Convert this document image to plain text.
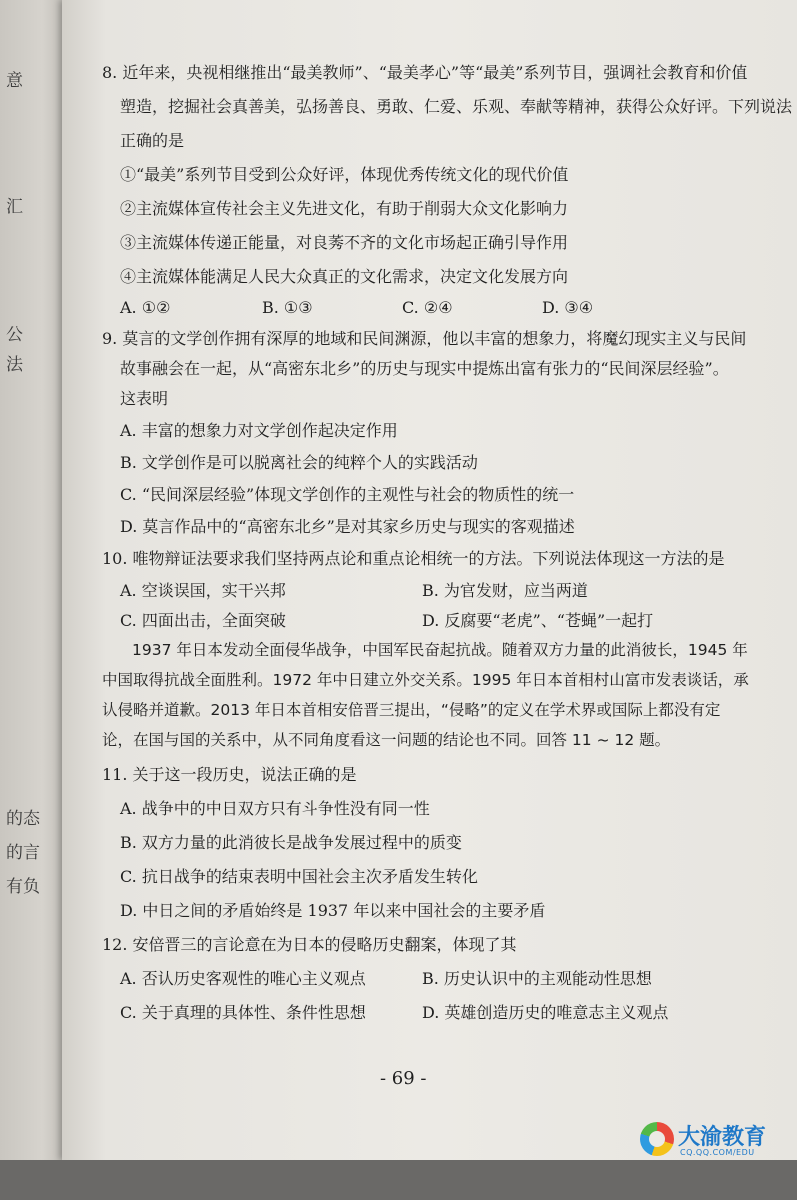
意
汇
公
法
的态
的言
有负
8. 近年来，央视相继推出“最美教师”、“最美孝心”等“最美”系列节目，强调社会教育和价值
塑造，挖掘社会真善美，弘扬善良、勇敢、仁爱、乐观、奉献等精神，获得公众好评。下列说法
正确的是
①“最美”系列节目受到公众好评，体现优秀传统文化的现代价值
②主流媒体宣传社会主义先进文化，有助于削弱大众文化影响力
③主流媒体传递正能量，对良莠不齐的文化市场起正确引导作用
④主流媒体能满足人民大众真正的文化需求，决定文化发展方向
A. ①②	B. ①③	C. ②④	D. ③④
9. 莫言的文学创作拥有深厚的地域和民间渊源，他以丰富的想象力，将魔幻现实主义与民间
故事融会在一起，从“高密东北乡”的历史与现实中提炼出富有张力的“民间深层经验”。
这表明
A. 丰富的想象力对文学创作起决定作用
B. 文学创作是可以脱离社会的纯粹个人的实践活动
C. “民间深层经验”体现文学创作的主观性与社会的物质性的统一
D. 莫言作品中的“高密东北乡”是对其家乡历史与现实的客观描述
10. 唯物辩证法要求我们坚持两点论和重点论相统一的方法。下列说法体现这一方法的是
A. 空谈误国，实干兴邦	B. 为官发财，应当两道
C. 四面出击，全面突破	D. 反腐要“老虎”、“苍蝇”一起打
1937 年日本发动全面侵华战争，中国军民奋起抗战。随着双方力量的此消彼长，1945 年
中国取得抗战全面胜利。1972 年中日建立外交关系。1995 年日本首相村山富市发表谈话，承
认侵略并道歉。2013 年日本首相安倍晋三提出，“侵略”的定义在学术界或国际上都没有定
论，在国与国的关系中，从不同角度看这一问题的结论也不同。回答 11 ~ 12 题。
11. 关于这一段历史，说法正确的是
A. 战争中的中日双方只有斗争性没有同一性
B. 双方力量的此消彼长是战争发展过程中的质变
C. 抗日战争的结束表明中国社会主次矛盾发生转化
D. 中日之间的矛盾始终是 1937 年以来中国社会的主要矛盾
12. 安倍晋三的言论意在为日本的侵略历史翻案，体现了其
A. 否认历史客观性的唯心主义观点	B. 历史认识中的主观能动性思想
C. 关于真理的具体性、条件性思想	D. 英雄创造历史的唯意志主义观点
- 69 -
大渝教育
CQ.QQ.COM/EDU
